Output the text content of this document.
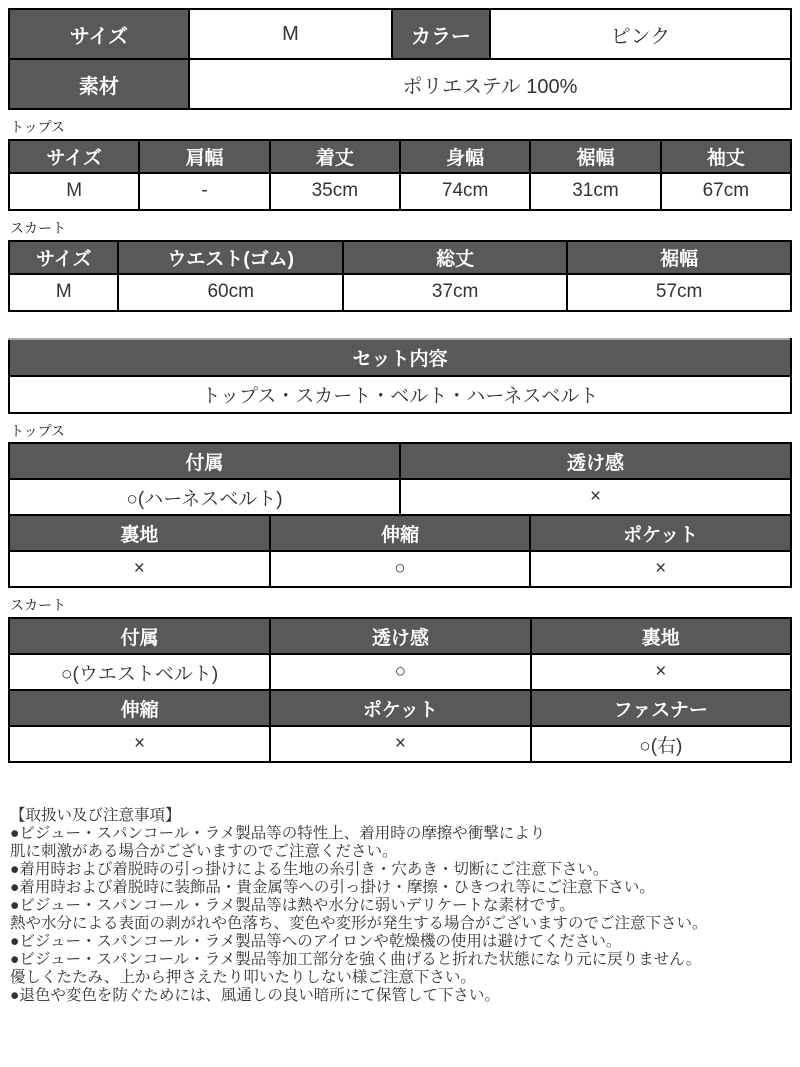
サイズ	M	カラー	ピンク
素材	ポリエステル 100%		
トップス
サイズ	肩幅	着丈	身幅	裾幅	袖丈
M	-	35cm	74cm	31cm	67cm
スカート
サイズ	ウエスト(ゴム)	総丈	裾幅
M	60cm	37cm	57cm
セット内容
トップス・スカート・ベルト・ハーネスベルト
トップス
付属		透け感	
○(ハーネスベルト)		×	
裏地	伸縮		ポケット
×	○		×
スカート
付属	透け感	裏地
○(ウエストベルト)	○	×
伸縮	ポケット	ファスナー
×	×	○(右)

【取扱い及び注意事項】

●ビジュー・スパンコール・ラメ製品等の特性上、着用時の摩擦や衝撃により

肌に刺激がある場合がございますのでご注意ください。

●着用時および着脱時の引っ掛けによる生地の糸引き・穴あき・切断にご注意下さい。

●着用時および着脱時に装飾品・貴金属等への引っ掛け・摩擦・ひきつれ等にご注意下さい。

●ビジュー・スパンコール・ラメ製品等は熱や水分に弱いデリケートな素材です。

熱や水分による表面の剥がれや色落ち、変色や変形が発生する場合がございますのでご注意下さい。

●ビジュー・スパンコール・ラメ製品等へのアイロンや乾燥機の使用は避けてください。

●ビジュー・スパンコール・ラメ製品等加工部分を強く曲げると折れた状態になり元に戻りません。

優しくたたみ、上から押さえたり叩いたりしない様ご注意下さい。

●退色や変色を防ぐためには、風通しの良い暗所にて保管して下さい。
